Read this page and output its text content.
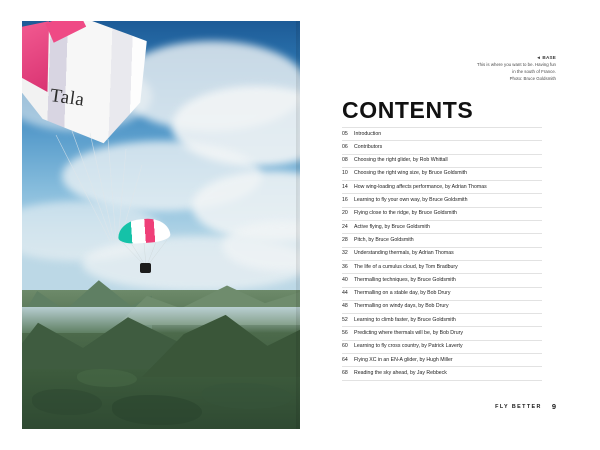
Tala
◄ BASE
This is where you want to be. Having fun
in the south of France.
Photo: Bruce Goldsmith
CONTENTS
05	Introduction
06	Contributors
08	Choosing the right glider, by Rob Whittall
10	Choosing the right wing size, by Bruce Goldsmith
14	How wing-loading affects performance, by Adrian Thomas
16	Learning to fly your own way, by Bruce Goldsmith
20	Flying close to the ridge, by Bruce Goldsmith
24	Active flying, by Bruce Goldsmith
28	Pitch, by Bruce Goldsmith
32	Understanding thermals, by Adrian Thomas
36	The life of a cumulus cloud, by Tom Bradbury
40	Thermalling techniques, by Bruce Goldsmith
44	Thermalling on a stable day, by Bob Drury
48	Thermalling on windy days, by Bob Drury
52	Learning to climb faster, by Bruce Goldsmith
56	Predicting where thermals will be, by Bob Drury
60	Learning to fly cross country, by Patrick Laverty
64	Flying XC in an EN-A glider, by Hugh Miller
68	Reading the sky ahead, by Jay Rebbeck
FLY BETTER 9
